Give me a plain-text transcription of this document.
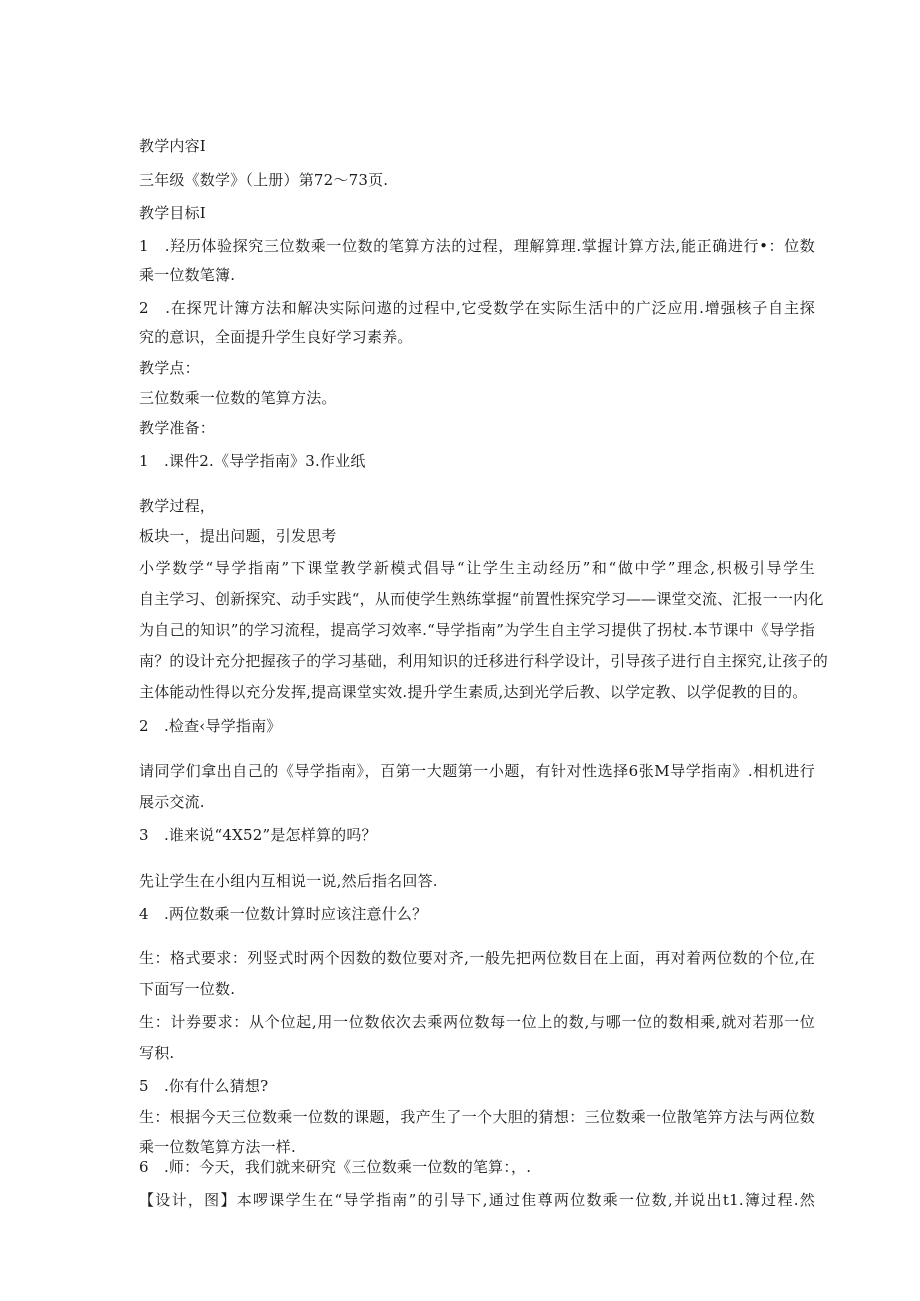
教学内容I
三年级《数学》（上册）第72～73页.
教学目标I
1　.羟历体验探究三位数乘一位数的笔算方法的过程，理解算理.掌握计算方法,能正确进行•：位数
乘一位数笔簿.
2　.在探咒计簿方法和解决实际问遨的过程中,它受数学在实际生活中的广泛应用.增强核子自主探
究的意识，全面提升学生良好学习素养。
教学点：
三位数乘一位数的笔算方法。
教学准备：
1　.课件2.《导学指南》3.作业纸
教学过程，
板块一，提出问题，引发思考
小学数学“导学指南”下课堂教学新模式倡导“让学生主动经历”和“做中学”理念,枳极引导学生
自主学习、创新探究、动手实践“，从而使学生熟练掌握“前置性探究学习——课堂交流、汇报一一内化
为自己的知识”的学习流程，提高学习效率.“导学指南”为学生自主学习提供了拐杖.本节课中《导学指
南？的设计充分把握孩子的学习基础，利用知识的迁移进行科学设计，引导孩子进行自主探究,让孩子的
主体能动性得以充分发挥,提高课堂实效.提升学生素质,达到光学后教、以学定教、以学促教的目的。
2　.检查‹导学指南》
请同学们拿出自己的《导学指南》，百第一大题第一小题，有针对性选择6张M导学指南》.相机进行
展示交流.
3　.谁来说“4X52”是怎样算的吗？
先让学生在小组内互相说一说,然后指名回答.
4　.两位数乘一位数计算时应该注意什么？
生：格式要求：列竖式时两个因数的数位要对齐,一般先把两位数目在上面，再对着两位数的个位,在
下面写一位数.
生：计券要求：从个位起,用一位数依次去乘两位数每一位上的数,与哪一位的数相乘,就对若那一位
写积.
5　.你有什么猜想?
生：根据今天三位数乘一位数的课题，我产生了一个大胆的猜想：三位数乘一位散笔笄方法与两位数
乘一位数笔算方法一样.
6　.师：今天，我们就来研究《三位数乘一位数的笔算：，.
【设计，图】本啰课学生在“导学指南”的引导下,通过隹尊两位数乘一位数,并说出t1.簿过程.然
